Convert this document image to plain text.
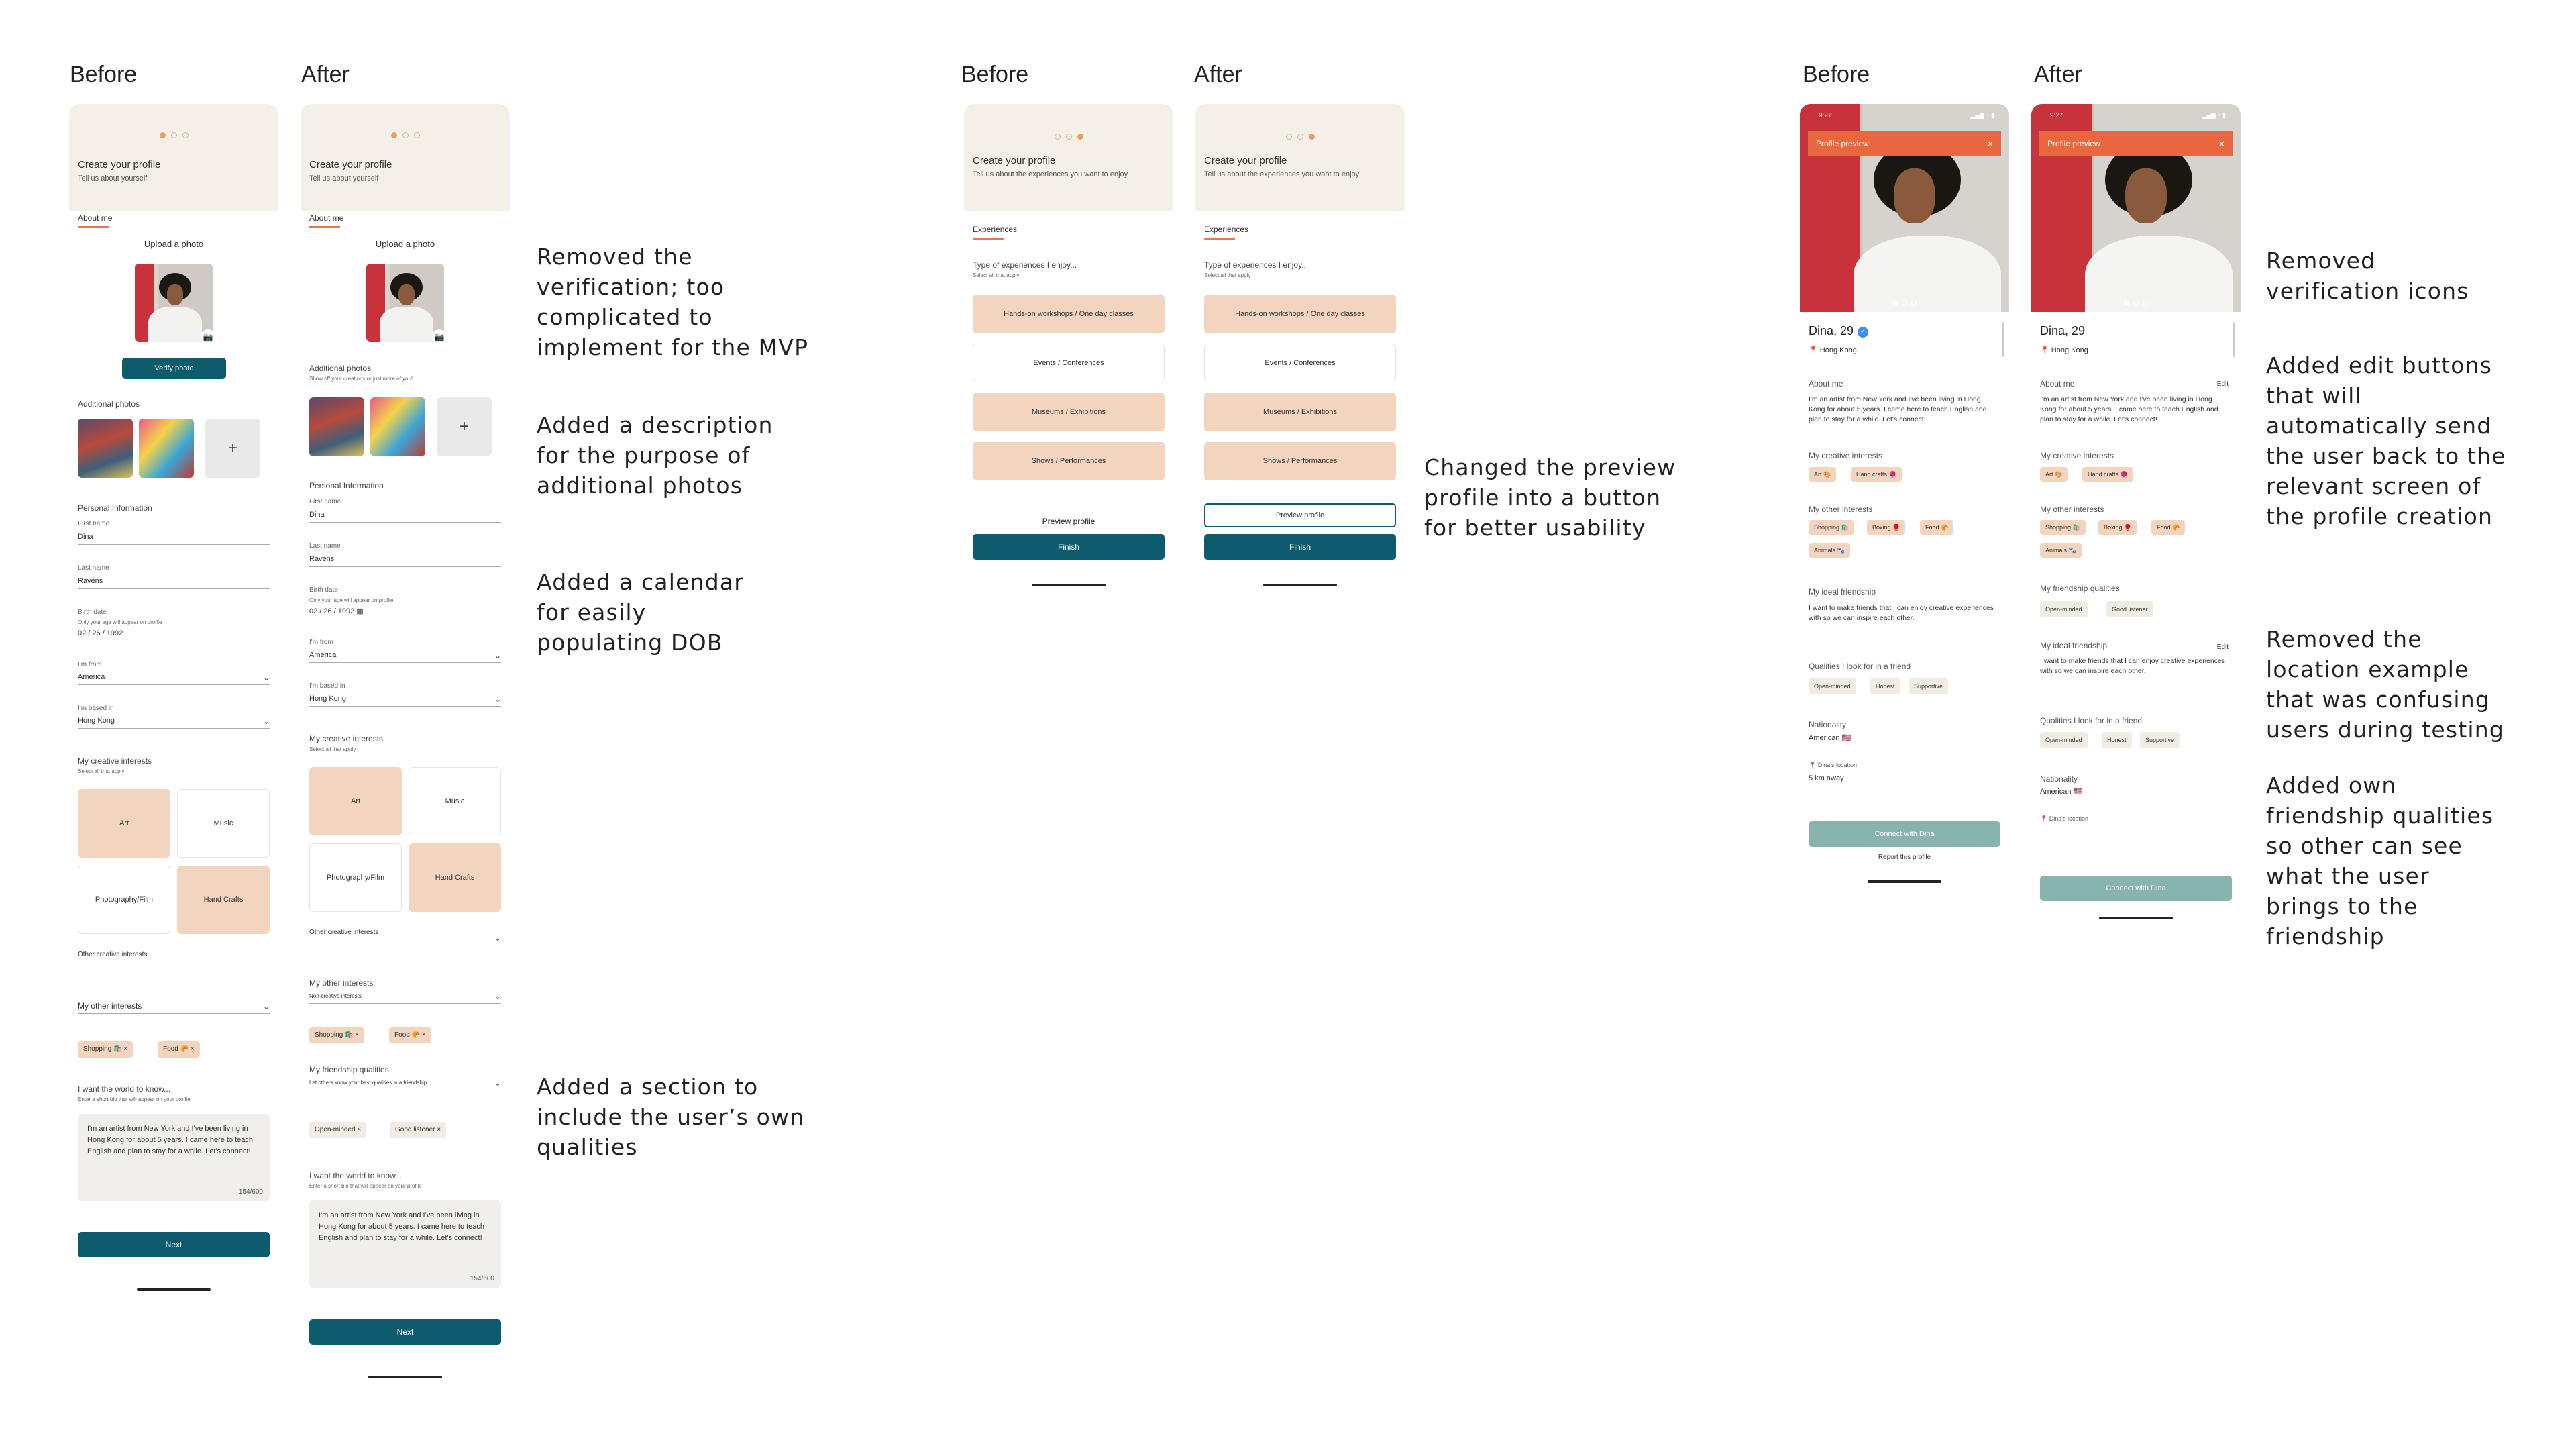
Before	After	Before	After	Before	After
Create your profile
Tell us about yourself
About me
Upload a photo
📷
Verify photo
Additional photos
+
Personal Information
First name
Dina
Last name
Ravens
Birth date
Only your age will appear on profile
02 / 26 / 1992
I'm from
America	⌄
I'm based in
Hong Kong	⌄
My creative interests
Select all that apply
Art	Music
Photography/Film	Hand Crafts
Other creative interests
My other interests	⌄
Shopping 🛍️ ×	Food 🥐 ×
I want the world to know...
Enter a short bio that will appear on your profile
I'm an artist from New York and I've been living in Hong Kong for about 5 years. I came here to teach English and plan to stay for a while. Let's connect!
154/600
Next
Create your profile
Tell us about yourself
About me
Upload a photo
📷
Additional photos
Show off your creations or just more of you!
+
Personal Information
First name
Dina
Last name
Ravens
Birth date
Only your age will appear on profile
02 / 26 / 1992 ▦
I'm from
America	⌄
I'm based in
Hong Kong	⌄
My creative interests
Select all that apply
Art	Music
Photography/Film	Hand Crafts
Other creative interests
⌄
My other interests
Non-creative interests	⌄
Shopping 🛍️ ×	Food 🥐 ×
My friendship qualities
Let others know your best qualities in a friendship	⌄
Open-minded ×	Good listener ×
I want the world to know...
Enter a short bio that will appear on your profile
I'm an artist from New York and I've been living in Hong Kong for about 5 years. I came here to teach English and plan to stay for a while. Let's connect!
154/600
Next
Removed the
verification; too
complicated to
implement for the MVP
Added a description
for the purpose of
additional photos
Added a calendar
for easily
populating DOB
Added a section to
include the user’s own
qualities
Create your profile
Tell us about the experiences you want to enjoy
Experiences
Type of experiences I enjoy...
Select all that apply
Hands-on workshops / One day classes
Events / Conferences
Museums / Exhibitions
Shows / Performances
Preview profile
Finish
Create your profile
Tell us about the experiences you want to enjoy
Experiences
Type of experiences I enjoy...
Select all that apply
Hands-on workshops / One day classes
Events / Conferences
Museums / Exhibitions
Shows / Performances
Preview profile
Finish
Changed the preview
profile into a button
for better usability
9:27	▂▄▆ ◔ ▮
Profile preview	×
Dina, 29 ✓
📍 Hong Kong
About me
I'm an artist from New York and I've been living in Hong Kong for about 5 years. I came here to teach English and plan to stay for a while. Let's connect!
My creative interests
Art 🎨	Hand crafts 🧶
My other interests
Shopping 🛍️	Boxing 🥊	Food 🥐
Animals 🐾
My ideal friendship
I want to make friends that I can enjoy creative experiences with so we can inspire each other.
Qualities I look for in a friend
Open-minded	Honest	Supportive
Nationality
American 🇺🇸
📍 Dina's location
5 km away
Connect with Dina
Report this profile
9:27	▂▄▆ ◔ ▮
Profile preview	×
Dina, 29
📍 Hong Kong
About me	Edit
I'm an artist from New York and I've been living in Hong Kong for about 5 years. I came here to teach English and plan to stay for a while. Let's connect!
My creative interests
Art 🎨	Hand crafts 🧶
My other interests
Shopping 🛍️	Boxing 🥊	Food 🥐
Animals 🐾
My friendship qualities
Open-minded	Good listener
My ideal friendship	Edit
I want to make friends that I can enjoy creative experiences with so we can inspire each other.
Qualities I look for in a friend
Open-minded	Honest	Supportive
Nationality
American 🇺🇸
📍 Dina's location
Connect with Dina
Removed
verification icons
Added edit buttons
that will
automatically send
the user back to the
relevant screen of
the profile creation
Removed the
location example
that was confusing
users during testing
Added own
friendship qualities
so other can see
what the user
brings to the
friendship
